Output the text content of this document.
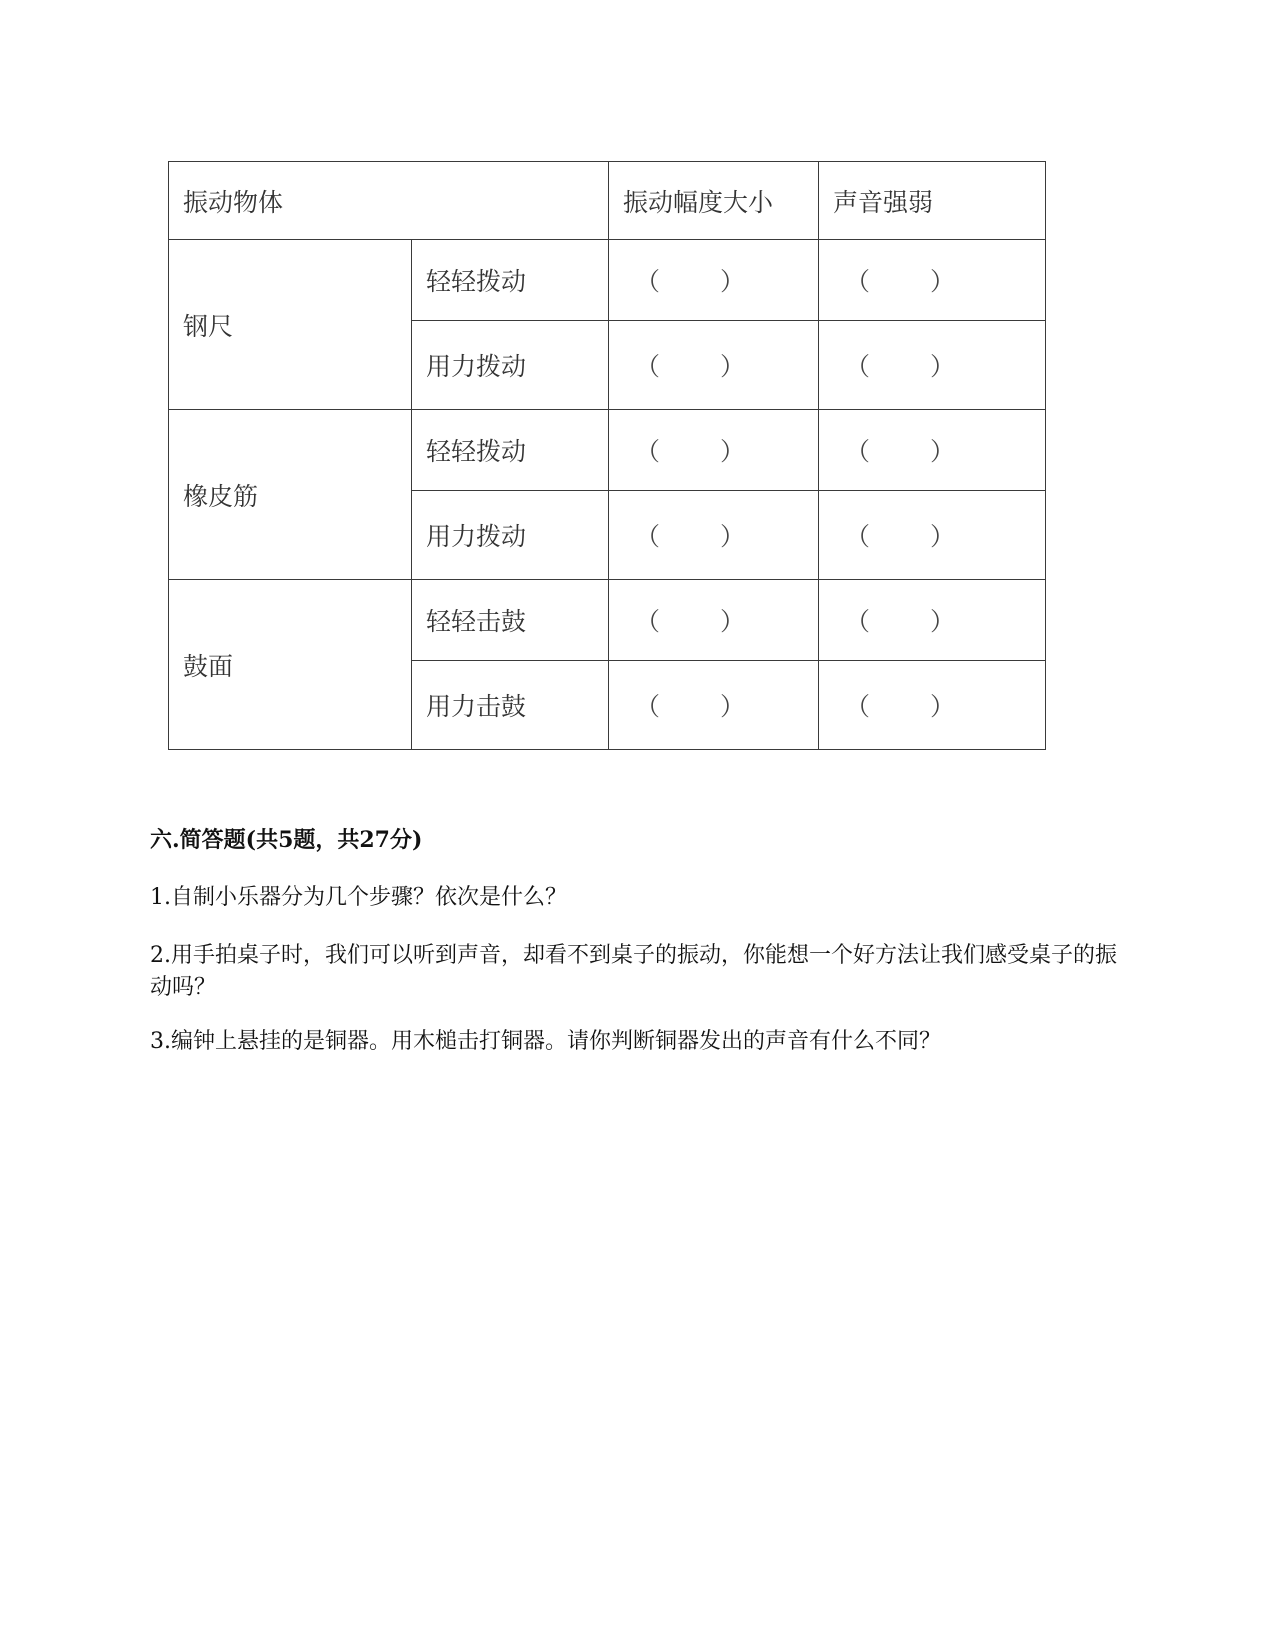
振动物体		振动幅度大小	声音强弱
钢尺	轻轻拨动	（ ）	（ ）

	用力拨动	（ ）	（ ）

橡皮筋	轻轻拨动	（ ）	（ ）

	用力拨动	（ ）	（ ）

鼓面	轻轻击鼓	（ ）	（ ）

	用力击鼓	（ ）	（ ）
六.简答题(共5题，共27分)
1.自制小乐器分为几个步骤？依次是什么？
2.用手拍桌子时，我们可以听到声音，却看不到桌子的振动，你能想一个好方法让我们感受桌子的振动吗？
3.编钟上悬挂的是铜器。用木槌击打铜器。请你判断铜器发出的声音有什么不同？
